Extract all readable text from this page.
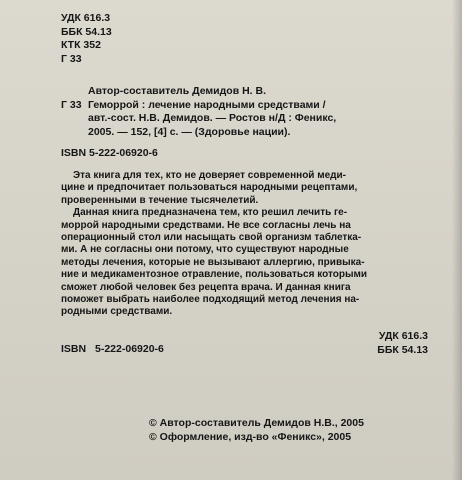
УДК 616.3
ББК 54.13
КТК 352
Г 33
Автор-составитель Демидов Н. В.
Г 33 Геморрой : лечение народными средствами /
авт.-сост. Н.В. Демидов. — Ростов н/Д : Феникс,
2005. — 152, [4] с. — (Здоровье нации).
ISBN 5-222-06920-6
Эта книга для тех, кто не доверяет современной меди-
цине и предпочитает пользоваться народными рецептами,
проверенными в течение тысячелетий.
Данная книга предназначена тем, кто решил лечить ге-
моррой народными средствами. Не все согласны лечь на
операционный стол или насыщать свой организм таблетка-
ми. А не согласны они потому, что существуют народные
методы лечения, которые не вызывают аллергию, привыка-
ние и медикаментозное отравление, пользоваться которыми
сможет любой человек без рецепта врача. И данная книга
поможет выбрать наиболее подходящий метод лечения на-
родными средствами.
УДК 616.3
ББК 54.13
ISBN 5-222-06920-6
© Автор-составитель Демидов Н.В., 2005
© Оформление, изд-во «Феникс», 2005
